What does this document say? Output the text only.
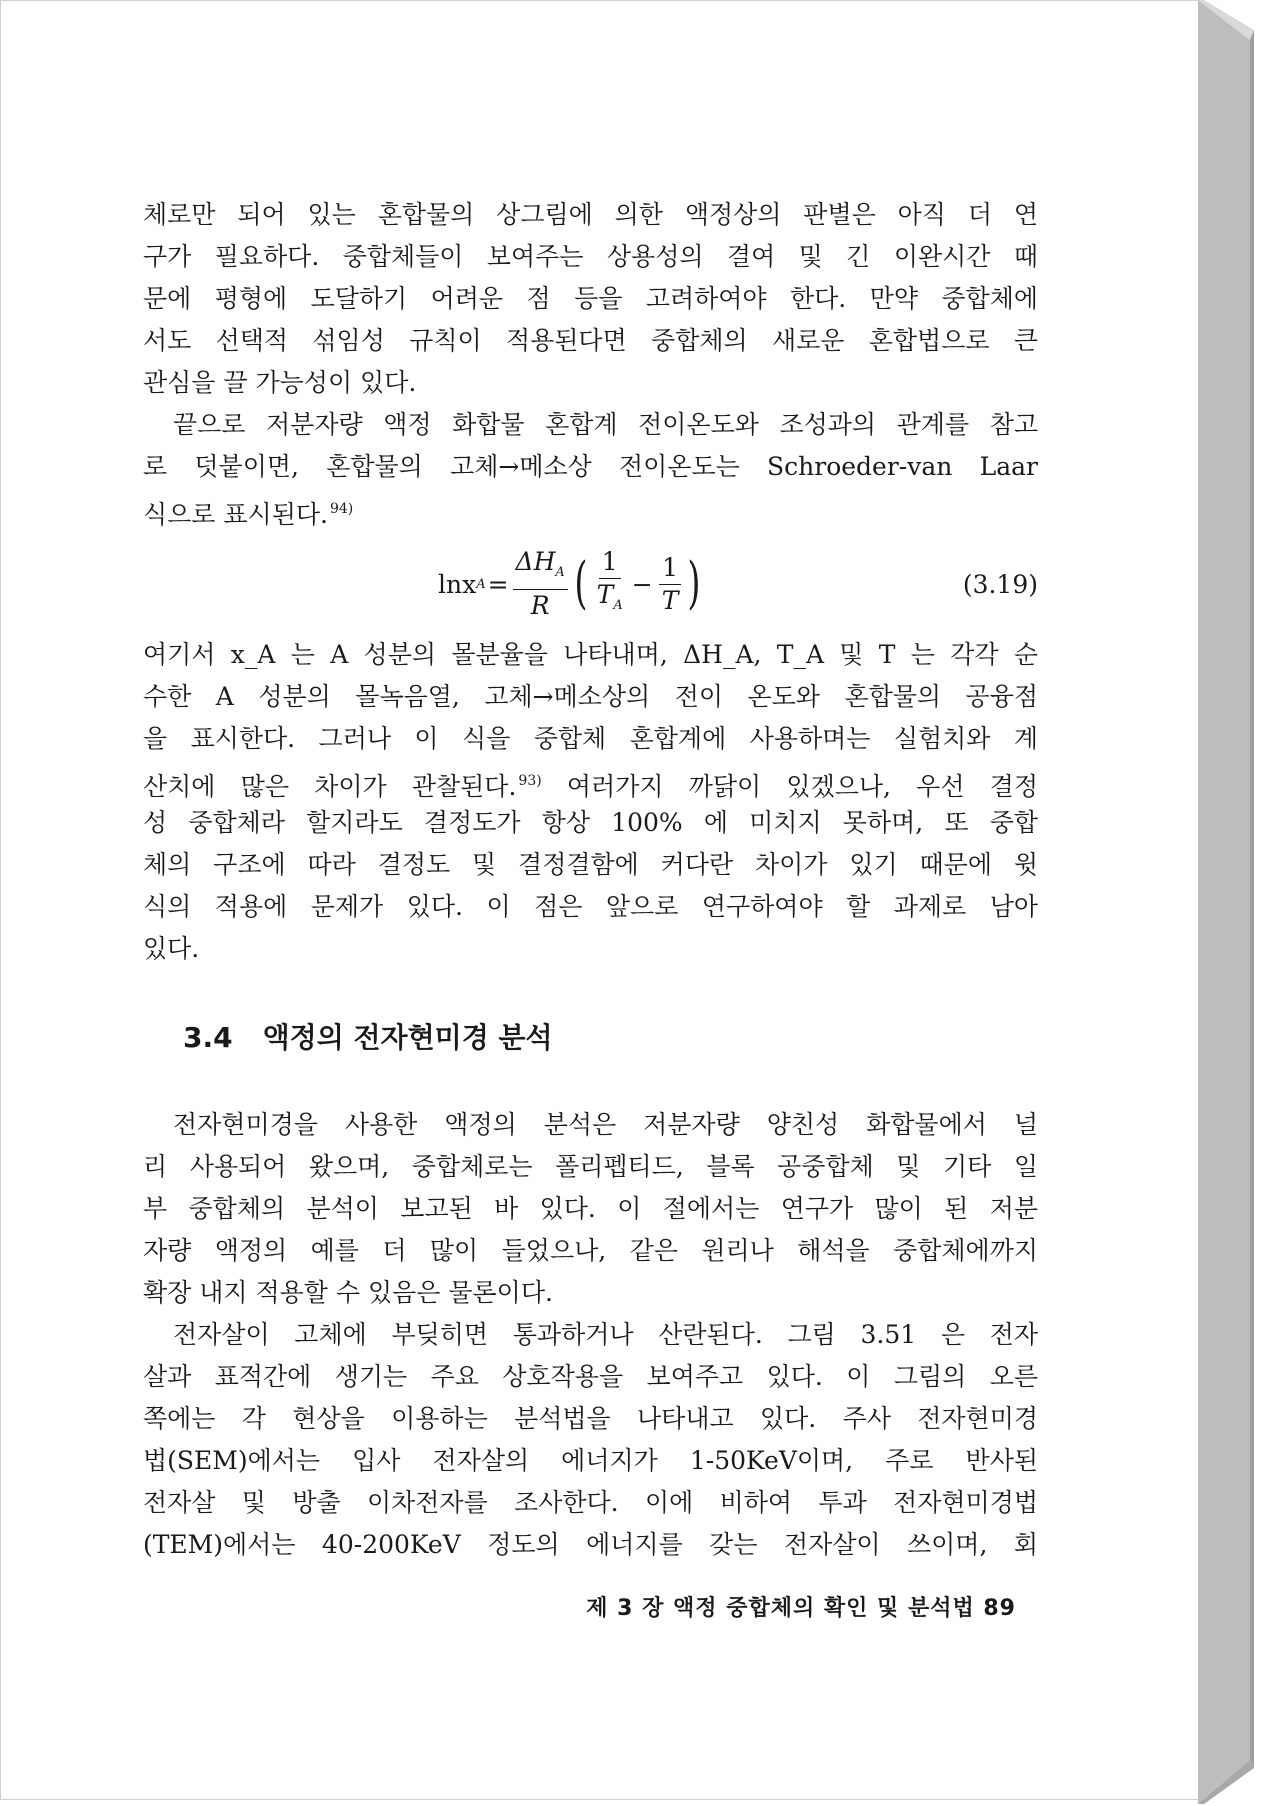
체로만 되어 있는 혼합물의 상그림에 의한 액정상의 판별은 아직 더 연
구가 필요하다. 중합체들이 보여주는 상용성의 결여 및 긴 이완시간 때
문에 평형에 도달하기 어려운 점 등을 고려하여야 한다. 만약 중합체에
서도 선택적 섞임성 규칙이 적용된다면 중합체의 새로운 혼합법으로 큰
관심을 끌 가능성이 있다.
끝으로 저분자량 액정 화합물 혼합계 전이온도와 조성과의 관계를 참고
로 덧붙이면, 혼합물의 고체→메소상 전이온도는 Schroeder-van Laar
식으로 표시된다. $^{94)}$
lnx $A = \frac{\Delta H_A}{R}$ ( $\frac{1}{T_A} - \frac{1}{T}$ )	(3.19)
여기서 x_A 는 A 성분의 몰분율을 나타내며, ΔH_A, T_A 및 T 는 각각 순
수한 A 성분의 몰녹음열, 고체→메소상의 전이 온도와 혼합물의 공융점
을 표시한다. 그러나 이 식을 중합체 혼합계에 사용하며는 실험치와 계
산치에 많은 차이가 관찰된다. $^{93)}$ 여러가지 까닭이 있겠으나, 우선 결정
성 중합체라 할지라도 결정도가 항상 100% 에 미치지 못하며, 또 중합
체의 구조에 따라 결정도 및 결정결함에 커다란 차이가 있기 때문에 윗
식의 적용에 문제가 있다. 이 점은 앞으로 연구하여야 할 과제로 남아
있다.
3.4 액정의 전자현미경 분석
전자현미경을 사용한 액정의 분석은 저분자량 양친성 화합물에서 널
리 사용되어 왔으며, 중합체로는 폴리펩티드, 블록 공중합체 및 기타 일
부 중합체의 분석이 보고된 바 있다. 이 절에서는 연구가 많이 된 저분
자량 액정의 예를 더 많이 들었으나, 같은 원리나 해석을 중합체에까지
확장 내지 적용할 수 있음은 물론이다.
전자살이 고체에 부딪히면 통과하거나 산란된다. 그림 3.51 은 전자
살과 표적간에 생기는 주요 상호작용을 보여주고 있다. 이 그림의 오른
쪽에는 각 현상을 이용하는 분석법을 나타내고 있다. 주사 전자현미경
법(SEM)에서는 입사 전자살의 에너지가 1-50KeV이며, 주로 반사된
전자살 및 방출 이차전자를 조사한다. 이에 비하여 투과 전자현미경법
(TEM)에서는 40-200KeV 정도의 에너지를 갖는 전자살이 쓰이며, 회
제 3 장 액정 중합체의 확인 및 분석법 89
